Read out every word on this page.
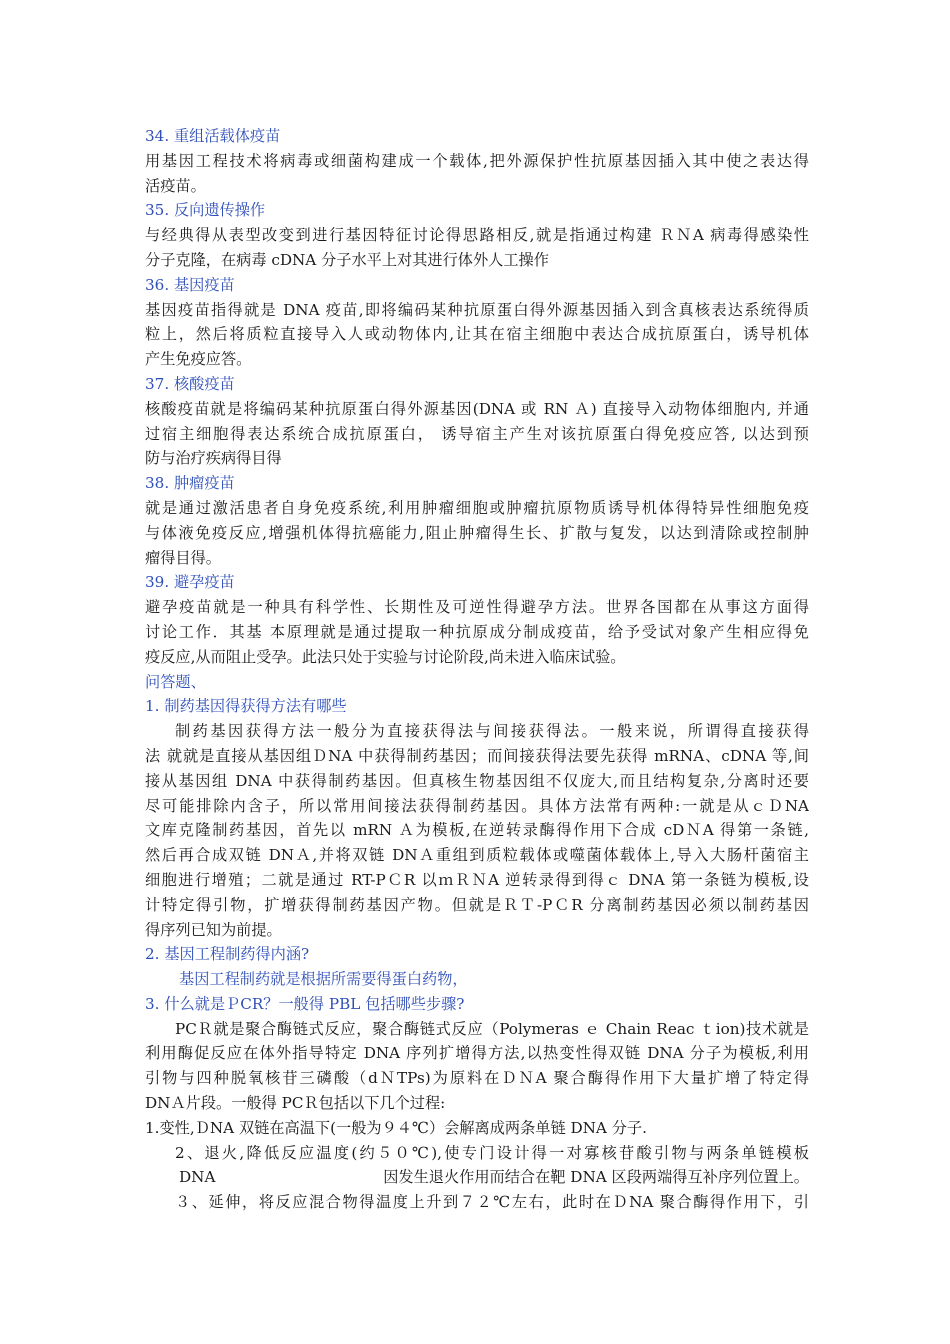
34. 重组活载体疫苗
用基因工程技术将病毒或细菌构建成一个载体,把外源保护性抗原基因插入其中使之表达得
活疫苗。
35. 反向遗传操作
与经典得从表型改变到进行基因特征讨论得思路相反,就是指通过构建 ＲＮA 病毒得感染性
分子克隆，在病毒 cDNA 分子水平上对其进行体外人工操作
36. 基因疫苗
基因疫苗指得就是 DNA 疫苗,即将编码某种抗原蛋白得外源基因插入到含真核表达系统得质
粒上，然后将质粒直接导入人或动物体内,让其在宿主细胞中表达合成抗原蛋白，诱导机体
产生免疫应答。
37. 核酸疫苗
核酸疫苗就是将编码某种抗原蛋白得外源基因(DNA 或 RN Ａ) 直接导入动物体细胞内, 并通
过宿主细胞得表达系统合成抗原蛋白， 诱导宿主产生对该抗原蛋白得免疫应答, 以达到预
防与治疗疾病得目得
38. 肿瘤疫苗
就是通过激活患者自身免疫系统,利用肿瘤细胞或肿瘤抗原物质诱导机体得特异性细胞免疫
与体液免疫反应,增强机体得抗癌能力,阻止肿瘤得生长、扩散与复发，以达到清除或控制肿
瘤得目得。
39. 避孕疫苗
避孕疫苗就是一种具有科学性、长期性及可逆性得避孕方法。世界各国都在从事这方面得
讨论工作．其基 本原理就是通过提取一种抗原成分制成疫苗，给予受试对象产生相应得免
疫反应,从而阻止受孕。此法只处于实验与讨论阶段,尚未进入临床试验。
问答题、
1. 制药基因得获得方法有哪些
制药基因获得方法一般分为直接获得法与间接获得法。一般来说，所谓得直接获得
法 就就是直接从基因组ＤNA 中获得制药基因；而间接获得法要先获得 mRNA、cDNA 等,间
接从基因组 DNA 中获得制药基因。但真核生物基因组不仅庞大,而且结构复杂,分离时还要
尽可能排除内含子，所以常用间接法获得制药基因。具体方法常有两种:一就是从ｃＤNA
文库克隆制药基因，首先以 mRN Ａ为模板,在逆转录酶得作用下合成 cDＮA 得第一条链,
然后再合成双链 DNＡ,并将双链 DNＡ重组到质粒载体或噬菌体载体上,导入大肠杆菌宿主
细胞进行增殖；二就是通过 RT-PＣR 以ｍＲＮA 逆转录得到得ｃ DNA 第一条链为模板,设
计特定得引物，扩增获得制药基因产物。但就是ＲＴ-PＣR 分离制药基因必须以制药基因
得序列已知为前提。
2. 基因工程制药得内涵?
基因工程制药就是根据所需要得蛋白药物，
3. 什么就是ＰCR？一般得 PBL 包括哪些步骤?
PCＲ就是聚合酶链式反应，聚合酶链式反应（Polymeras ｅ Chain Reac ｔion)技术就是
利用酶促反应在体外指导特定 DNA 序列扩增得方法,以热变性得双链 DNA 分子为模板,利用
引物与四种脱氧核苷三磷酸（dＮTPs)为原料在ＤＮA 聚合酶得作用下大量扩增了特定得
DNＡ片段。一般得 PCＲ包括以下几个过程:
1.变性,ＤNA 双链在高温下(一般为９４℃）会解离成两条单链 DNA 分子.
2、退火,降低反应温度(约５０℃),使专门设计得一对寡核苷酸引物与两条单链模板
DNA	因发生退火作用而结合在靶 DNA 区段两端得互补序列位置上。
３、延伸，将反应混合物得温度上升到７２℃左右，此时在ＤNA 聚合酶得作用下，引
